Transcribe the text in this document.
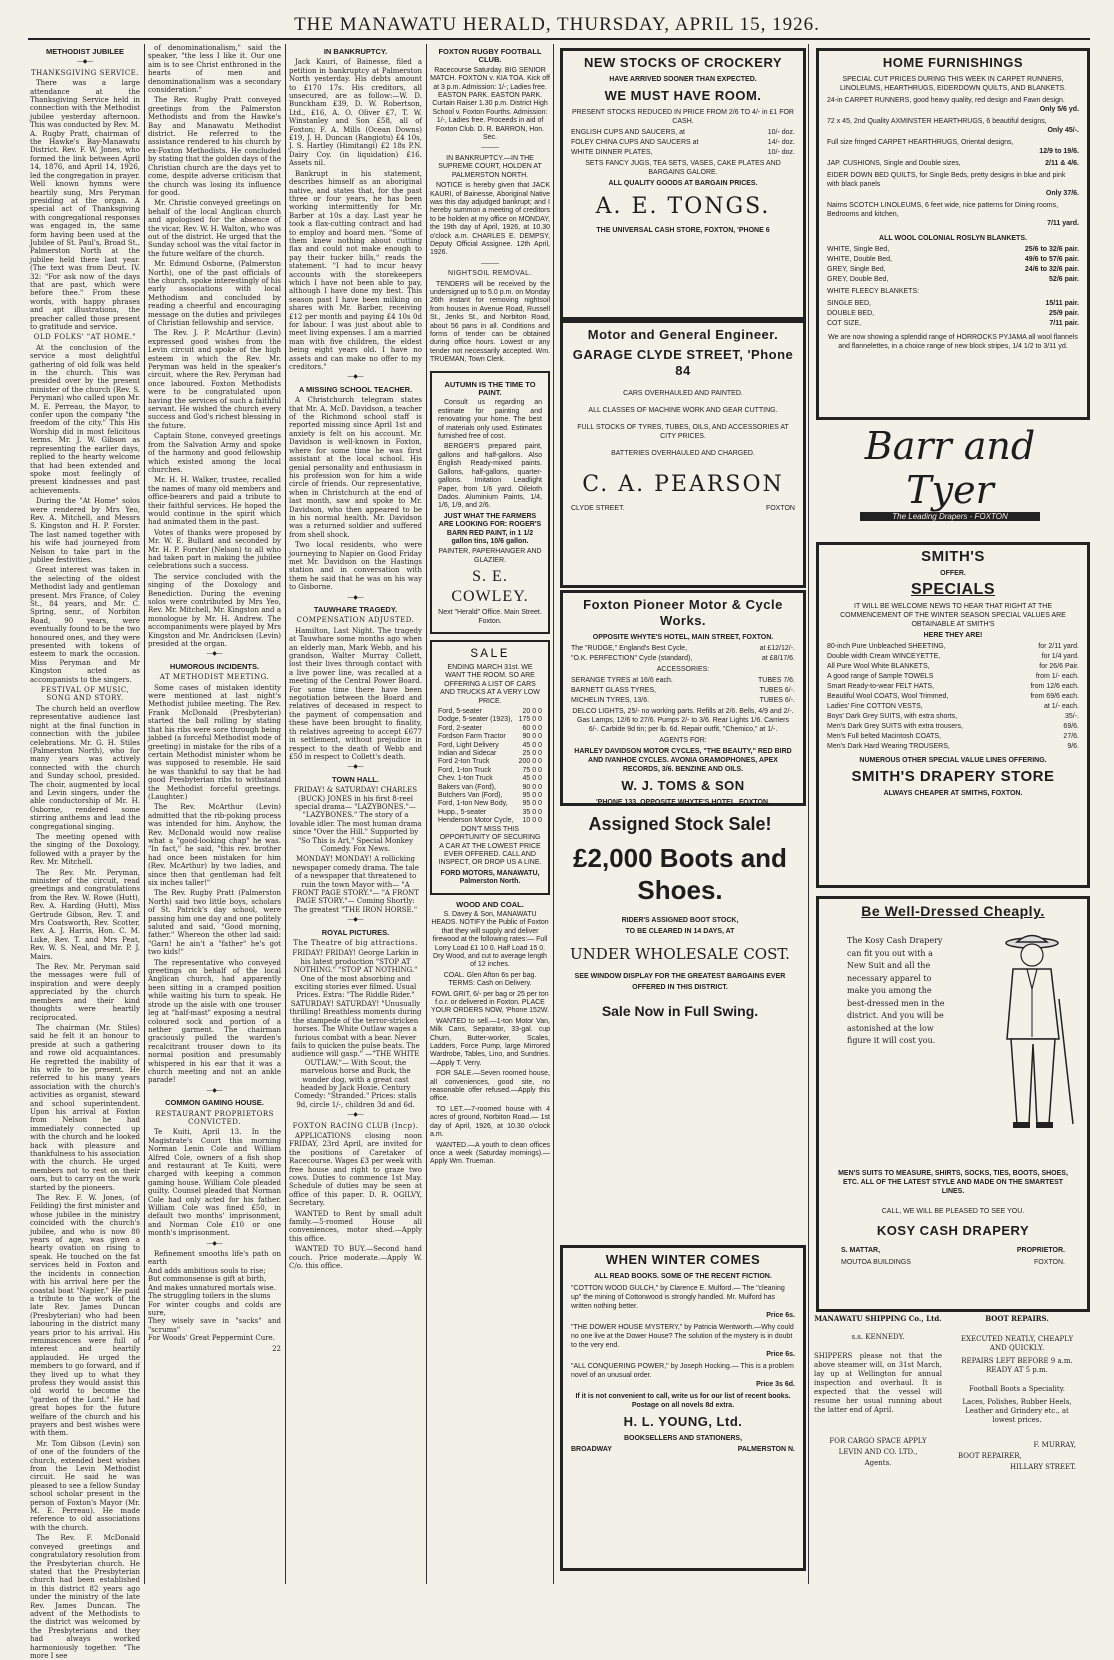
THE MANAWATU HERALD, THURSDAY, APRIL 15, 1926.
METHODIST JUBILEE
—◆—
THANKSGIVING SERVICE.

There was a large attendance at the Thanksgiving Service held in connection with the Methodist jubilee yesterday afternoon. This was conducted by Rev. M. A. Rugby Pratt, chairman of the Hawke's Bay-Manawatu District. Rev. F. W. Jones, who formed the link between April 14, 1876, and April 14, 1926, led the congregation in prayer. Well known hymns were heartily sung, Mrs Peryman presiding at the organ. A special act of Thanksgiving with congregational responses was engaged in, the same form having been used at the Jubilee of St. Paul's, Broad St., Palmerston North at the jubilee held there last year. (The text was from Deut. IV. 32: "For ask now of the days that are past, which were before thee." From these words, with happy phrases and apt illustrations, the preacher called those present to gratitude and service.

OLD FOLKS' "AT HOME."

At the conclusion of the service a most delightful gathering of old folk was held in the church. This was presided over by the present minister of the church (Rev. S. Peryman) who called upon Mr. M. E. Perreau, the Mayor, to confer upon the company "the freedom of the city." This His Worship did in most felicitous terms. Mr. J. W. Gibson as representing the earlier days, replied to the hearty welcome that had been extended and spoke most feelingly of present kindnesses and past achievements.

During the "At Home" solos were rendered by Mrs Yeo, Rev. A. Mitchell, and Messrs S. Kingston and H. P. Forster. The last named together with his wife had journeyed from Nelson to take part in the jubilee festivities.

Great interest was taken in the selecting of the oldest Methodist lady and gentleman present. Mrs France, of Coley St., 84 years, and Mr. C. Spring, senr., of Norbiton Road, 90 years, were eventually found to be the two honoured ones, and they were presented with tokens of esteem to mark the occasion. Miss Peryman and Mr Kingston acted as accompanists to the singers.

FESTIVAL OF MUSIC, SONG AND STORY.

The church held an overflow representative audience last night at the final function in connection with the jubilee celebrations. Mr. G. H. Stiles (Palmerston North), who for many years was actively connected with the church and Sunday school, presided. The choir, augmented by local and Levin singers, under the able conductorship of Mr. H. Osborne, rendered some stirring anthems and lead the congregational singing.

The meeting opened with the singing of the Doxology, followed with a prayer by the Rev. Mr. Mitchell.

The Rev. Mr. Peryman, minister of the circuit, read greetings and congratulations from the Rev. W. Rowe (Hutt), Rev. A. Harding (Hutt), Miss Gertrude Gibson, Rev. T. and Mrs Coatsworth, Rev. Scotter, Rev. A. J. Harris, Hon. C. M. Luke, Rev. T. and Mrs Peat, Rev. W. S. Neal, and Mr. P. J. Mairs.

The Rev. Mr. Peryman said the messages were full of inspiration and were deeply appreciated by the church members and their kind thoughts were heartily reciprocated.

The chairman (Mr. Stiles) said he felt it an honour to preside at such a gathering and rowe old acquaintances. He regretted the inability of his wife to be present. He referred to his many years association with the church's activities as organist, steward and school superintendent. Upon his arrival at Foxton from Nelson he had immediately connected up with the church and he looked back with pleasure and thankfulness to his association with the church. He urged members not to rest on their oars, but to carry on the work started by the pioneers.

The Rev. F. W. Jones, (of Feilding) the first minister and whose jubilee in the ministry coincided with the church's jubilee, and who is now 80 years of age, was given a hearty ovation on rising to speak. He touched on the fat services held in Foxton and the incidents in connection with his arrival here per the coastal boat "Napier." He paid a tribute to the work of the late Rev. James Duncan (Presbyterian) who had been labouring in the district many years prior to his arrival. His reminiscences were full of interest and heartily applauded. He urged the members to go forward, and if they lived up to what they profess they would assist this old world to become the "garden of the Lord." He had great hopes for the future welfare of the church and his prayers and best wishes were with them.

Mr. Tom Gibson (Levin) son of one of the founders of the church, extended best wishes from the Levin Methodist circuit. He said he was pleased to see a fellow Sunday school scholar present in the person of Foxton's Mayor (Mr. M. E. Perreau). He made reference to old associations with the church.

The Rev. F. McDonald conveyed greetings and congratulatory resolution from the Presbyterian church. He stated that the Presbyterian church had been established in this district 82 years ago under the ministry of the late Rev. James Duncan. The advent of the Methodists to the district was welcomed by the Presbyterians and they had always worked harmoniously together. "The more I see

of denominationalism," said the speaker, "the less I like it. Our one aim is to see Christ enthroned in the hearts of men and denominationalism was a secondary consideration."

The Rev. Rugby Pratt conveyed greetings from the Palmerston Methodists and from the Hawke's Bay and Manawatu Methodist district. He referred to the assistance rendered to his church by ex-Foxton Methodists. He concluded by stating that the golden days of the Christian church are the days yet to come, despite adverse criticism that the church was losing its influence for good.

Mr. Christie conveyed greetings on behalf of the local Anglican church and apologised for the absence of the vicar, Rev. W. H. Walton, who was out of the district. He urged that the Sunday school was the vital factor in the future welfare of the church.

Mr. Edmund Osborne, (Palmerston North), one of the past officials of the church, spoke interestingly of his early associations with local Methodism and concluded by reading a cheerful and encouraging message on the duties and privileges of Christian fellowship and service.

The Rev. J. P. McArthur (Levin) expressed good wishes from the Levin circuit and spoke of the high esteem in which the Rev. Mr. Peryman was held in the speaker's circuit, where the Rev. Peryman had once laboured. Foxton Methodists were to be congratulated upon having the services of such a faithful servant. He wished the church every success and God's richest blessing in the future.

Captain Stone, conveyed greetings from the Salvation Army and spoke of the harmony and good fellowship which existed among the local churches.

Mr. H. H. Walker, trustee, recalled the names of many old members and office-bearers and paid a tribute to their faithful services. He hoped the would continue in the spirit which had animated them in the past.

Votes of thanks were proposed by Mr. W. E. Bullard and seconded by Mr. H. P. Forster (Nelson) to all who had taken part in making the jubilee celebrations such a success.

The service concluded with the singing of the Doxology and Benediction. During the evening solos were contributed by Mrs Yeo, Rev. Mr. Mitchell, Mr. Kingston and a monologue by Mr. H. Andrew. The accompaniments were played by Mrs Kingston and Mr. Andricksen (Levin) presided at the organ.

—◆—
HUMOROUS INCIDENTS.
AT METHODIST MEETING.

Some cases of mistaken identity were mentioned at last night's Methodist jubilee meeting. The Rev. Frank McDonald (Presbyterian) started the ball rolling by stating that his ribs were sore through being jabbed (a forceful Methodist mode of greeting) in mistake for the ribs of a certain Methodist minister whom he was supposed to resemble. He said he was thankful to say that he had good Presbyterian ribs to withstand the Methodist forceful greetings. (Laughter.)

The Rev. McArthur (Levin) admitted that the rib-poking process was intended for him. Anyhow, the Rev. McDonald would now realise what a "good-looking chap" he was. "In fact," he said, "this rev. brother had once been mistaken for him (Rev. McArthur) by two ladies, and since then that gentleman had felt six inches taller!"

The Rev. Rugby Pratt (Palmerston North) said two little boys, scholars of St. Patrick's day school, were passing him one day and one politely saluted and said, "Good morning, father." Whereon the other lad said: "Garn! he ain't a "father" he's got two kids!"

The representative who conveyed greetings on behalf of the local Anglican church, had apparently been sitting in a cramped position while waiting his turn to speak. He strode up the aisle with one trouser leg at "half-mast" exposing a neutral coloured sock and portion of a nether garment. The chairman graciously pulled the warden's recalcitrant trouser down to its normal position and presumably whispered in his ear that it was a church meeting and not an ankle parade!

—◆—
COMMON GAMING HOUSE.
RESTAURANT PROPRIETORS CONVICTED.

Te Kuiti, April 13. In the Magistrate's Court this morning Norman Lenin Cole and William Alfred Cole, owners of a fish shop and restaurant at Te Kuiti, were charged with keeping a common gaming house. William Cole pleaded guilty. Counsel pleaded that Norman Cole had only acted for his father. William Cole was fined £50, in default two months' imprisonment, and Norman Cole £10 or one month's imprisonment.

—◆—

Refinement smooths life's path on earth
And adds ambitious souls to rise;
But commonsense is gift at birth,
And makes unnatured mortals wise.
The struggling toilers in the slums
For winter coughs and colds are sure,
They wisely save in "sacks" and "scrums"
For Woods' Great Peppermint Cure.

22

IN BANKRUPTCY.

Jack Kauri, of Bainesse, filed a petition in bankruptcy at Palmerston North yesterday. His debts amount to £170 17s. His creditors, all unsecured, are as follow:—W. D. Bunckham £39, D. W. Robertson, Ltd., £16, A. O. Oliver £7, T. W. Winstanley and Son £58, all of Foxton; F. A. Mills (Ocean Downs) £19, J. H. Duncan (Rangiotu) £4 10s, J. S. Hartley (Himitangi) £2 18s P.N. Dairy Coy. (in liquidation) £16. Assets nil.

Bankrupt in his statement, describes himself as an aboriginal native, and states that, for the past three or four years, he has been working intermittently for Mr. Barber at 10s a day. Last year he took a flax-cutting contract and had to employ and board men. "Some of them knew nothing about cutting flax and could not make enough to pay their tucker bills," reads the statement. "I had to incur heavy accounts with the storekeepers which I have not been able to pay, although I have done my best. This season past I have been milking on shares with Mr. Barber, receiving £12 per month and paying £4 10s 0d for labour. I was just about able to meet living expenses. I am a married man with five children, the eldest being eight years old. I have no assets and can make no offer to my creditors."

—◆—
A MISSING SCHOOL TEACHER.

A Christchurch telegram states that Mr. A. McD. Davidson, a teacher of the Richmond school staff is reported missing since April 1st and anxiety is felt on his account. Mr. Davidson is well-known in Foxton, where for some time he was first assistant at the local school. His genial personality and enthusiasm in his profession won for him a wide circle of friends. Our representative, when in Christchurch at the end of last month, saw and spoke to Mr. Davidson, who then appeared to be in his normal health. Mr. Davidson was a returned soldier and suffered from shell shock.

Two local residents, who were journeying to Napier on Good Friday met Mr. Davidson on the Hastings station and in conversation with them he said that he was on his way to Gisborne.

—◆—
TAUWHARE TRAGEDY.
COMPENSATION ADJUSTED.

Hamilton, Last Night. The tragedy at Tauwhare some months ago when an elderly man, Mark Webb, and his grandson, Walter Murray Collett, lost their lives through contact with a live power line, was recalled at a meeting of the Central Power Board. For some time there have been negotiation between the Board and relatives of deceased in respect to the payment of compensation and these have been brought to finality, th relatives agreeing to accept £677 in settlement, without prejudice in respect to the death of Webb and £50 in respect to Collett's death.

—◆—
TOWN HALL.

FRIDAY! & SATURDAY! CHARLES (BUCK) JONES in his first 8-reel special drama— "LAZYBONES."— "LAZYBONES." The story of a lovable idler. The most human drama since "Over the Hill." Supported by "So This is Art," Special Monkey Comedy. Fox News.

MONDAY! MONDAY! A rollicking newspaper comedy drama. The tale of a newspaper that threatened to ruin the town Mayor with— "A FRONT PAGE STORY."— "A FRONT PAGE STORY."— Coming Shortly: The greatest "THE IRON HORSE."

—◆—
ROYAL PICTURES.
The Theatre of big attractions.

FRIDAY! FRIDAY! George Larkin in his latest production "STOP AT NOTHING." "STOP AT NOTHING." One of the most absorbing and exciting stories ever filmed. Usual Prices. Extra: "The Riddle Rider." SATURDAY! SATURDAY! "Unusually thrilling! Breathless moments during the stampede of the terror-stricken horses. The White Outlaw wages a furious combat with a bear. Never fails to quicken the pulse beats. The audience will gasp." —"THE WHITE OUTLAW."— With Scout, the marvelous horse and Buck, the wonder dog, with a great cast headed by Jack Hoxie. Century Comedy: "Stranded." Prices: stalls 9d, circle 1/-, children 3d and 6d.

—◆—
FOXTON RACING CLUB (Incp).

APPLICATIONS closing noon FRIDAY, 23rd April, are invited for the positions of Caretaker of Racecourse. Wages £3 per week with free house and right to graze two cows. Duties to commence 1st May. Schedule of duties may be seen at office of this paper. D. R. OGILVY, Secretary.

WANTED to Rent by small adult family.—5-roomed House all conveniences, motor shed.—Apply this office.

WANTED TO BUY.—Second hand couch. Price moderate.—Apply W. C/o. this office.

FOXTON RUGBY FOOTBALL CLUB.

Racecourse Saturday. BIG SENIOR MATCH. FOXTON v. KIA TOA. Kick off at 3 p.m. Admission: 1/-; Ladies free. EASTON PARK. EASTON PARK. Curtain Raiser 1.30 p.m. District High School v. Foxton Fourths. Admission: 1/-, Ladies free. Proceeds in aid of Foxton Club. D. R. BARRON, Hon. Sec.

———

IN BANKRUPTCY.—IN THE SUPREME COURT, HOLDEN AT PALMERSTON NORTH.

NOTICE is hereby given that JACK KAURI, of Bainesse, Aboriginal Native was this day adjudged bankrupt; and I hereby summon a meeting of creditors to be holden at my office on MONDAY, the 19th day of April, 1926, at 10.30 o'clock a.m. CHARLES E. DEMPSY, Deputy Official Assignee. 12th April, 1926.

———
NIGHTSOIL REMOVAL.

TENDERS will be received by the undersigned up to 5.0 p.m. on Monday 26th instant for removing nightsoil from houses in Avenue Road, Russell St., Jenks St., and Norbiton Road, about 56 pans in all. Conditions and forms of tender can be obtained during office hours. Lowest or any tender not necessarily accepted. Wm. TRUEMAN, Town Clerk.

AUTUMN IS THE TIME TO PAINT.

Consult us regarding an estimate for painting and renovating your home. The best of materials only used. Estimates furnished free of cost.

BERGER'S prepared paint, gallons and half-gallons. Also English Ready-mixed paints. Gallons, half-gallons, quarter-gallons. Imitation Leadlight Paper, from 1/6 yard. Oileloth Dados. Aluminium Paints, 1/4, 1/6, 1/9, and 2/6.

JUST WHAT THE FARMERS ARE LOOKING FOR: ROGER'S BARN RED PAINT, in 1 1/2 gallon tins, 10/6 gallon.

PAINTER, PAPERHANGER AND GLAZIER.

S. E. COWLEY.

Next "Herald" Office. Main Street. Foxton.

SALE

ENDING MARCH 31st. WE WANT THE ROOM. SO ARE OFFERING A LIST OF CARS AND TRUCKS AT A VERY LOW PRICE.

Ford, 5-seater	20 0 0
Dodge, 5-seater (1923), 175 0 0
Ford, 2-seater	60 0 0
Fordson Farm Tractor 90 0 0
Ford, Light Delivery	45 0 0
Indian and Sidecar	25 0 0
Ford 2-ton Truck	200 0 0
Ford, 1-ton Truck	75 0 0
Chev. 1-ton Truck	45 0 0
Bakers van (Ford),	90 0 0
Butchers Van (Ford),	95 0 0
Ford, 1-ton New Body, 95 0 0
Hupp., 5-seater	35 0 0
Henderson Motor Cycle, 10 0 0

DON'T MISS THIS OPPORTUNITY OF SECURING A CAR AT THE LOWEST PRICE EVER OFFERED. CALL AND INSPECT, OR DROP US A LINE.

FORD MOTORS, MANAWATU, Palmerston North.

WOOD AND COAL.

S. Davey & Son, MANAWATU HEADS. NOTIFY the Public of Foxton that they will supply and deliver firewood at the following rates:— Full Lorry Load £1 10 0. Half Load 15 0. Dry Wood, and cut to average length of 12 inches.

COAL. Glen Afton 6s per bag. TERMS: Cash on Delivery.

FOWL GRIT, 6/- per bag or 25 per ton f.o.r. or delivered in Foxton. PLACE YOUR ORDERS NOW, 'Phone 152W.

WANTED to sell.—1-ton Motor Van, Milk Cans, Separator, 33-gal. cup Churn, Butter-worker, Scales, Ladders, Force Pump, large Mirrored Wardrobe, Tables, Lino, and Sundries.—Apply T. Verry.

FOR SALE.—Seven roomed house, all conveniences, good site, no reasonable offer refused.—Apply this office.

TO LET.—7-roomed house with 4 acres of ground, Norbiton Road.— 1st day of April, 1926, at 10.30 o'clock a.m.

WANTED.—A youth to clean offices once a week (Saturday mornings).—Apply Wm. Trueman.

NEW STOCKS OF CROCKERY
HAVE ARRIVED SOONER THAN EXPECTED.
WE MUST HAVE ROOM.
PRESENT STOCKS REDUCED IN PRICE FROM 2/6 TO 4/- in £1 FOR CASH.
ENGLISH CUPS AND SAUCERS, at	10/- doz.
FOLEY CHINA CUPS AND SAUCERS at	14/- doz.
WHITE DINNER PLATES,	10/- doz.
SETS FANCY JUGS, TEA SETS, VASES, CAKE PLATES AND BARGAINS GALORE.
ALL QUALITY GOODS AT BARGAIN PRICES.
A. E. TONGS.
THE UNIVERSAL CASH STORE, FOXTON, 'PHONE 6
Motor and General Engineer.
GARAGE CLYDE STREET, 'Phone 84
CARS OVERHAULED AND PAINTED.
ALL CLASSES OF MACHINE WORK AND GEAR CUTTING.
FULL STOCKS OF TYRES, TUBES, OILS, AND ACCESSORIES AT CITY PRICES.
BATTERIES OVERHAULED AND CHARGED.
C. A. PEARSON
CLYDE STREET.	FOXTON
Foxton Pioneer Motor & Cycle Works.
OPPOSITE WHYTE'S HOTEL, MAIN STREET, FOXTON.
The "RUDGE," England's Best Cycle,	at £12/12/-.
"O.K. PERFECTION" Cycle (standard),	at £8/17/6.
ACCESSORIES:
SERANGE TYRES at 16/6 each.	TUBES 7/6.
BARNETT GLASS TYRES,	TUBES 6/-.
MICHELIN TYRES, 13/6.	TUBES 6/-.
DELCO LIGHTS, 25/- no working parts. Refills at 2/6. Bells, 4/9 and 2/-. Gas Lamps, 12/6 to 27/6. Pumps 2/- to 3/6. Rear Lights 1/6. Carriers 6/-. Carbide 9d tin; per lb. 6d. Repair outfit, "Chemico," at 1/-.
AGENTS FOR:
HARLEY DAVIDSON MOTOR CYCLES, "THE BEAUTY," RED BIRD AND IVANHOE CYCLES. AVONIA GRAMOPHONES, APEX RECORDS, 3/6. BENZINE AND OILS.
W. J. TOMS & SON
'PHONE 133. OPPOSITE WHYTE'S HOTEL, FOXTON.
Assigned Stock Sale!
£2,000 Boots and Shoes.
RIDER'S ASSIGNED BOOT STOCK,
TO BE CLEARED IN 14 DAYS, AT
UNDER WHOLESALE COST.
SEE WINDOW DISPLAY FOR THE GREATEST BARGAINS EVER
OFFERED IN THIS DISTRICT.
Sale Now in Full Swing.
WHEN WINTER COMES
ALL READ BOOKS. SOME OF THE RECENT FICTION.
"COTTON WOOD GULCH," by Clarence E. Mulford.— The "cleaning up" the mining of Cottonwood is strongly handled. Mr. Mulford has written nothing better.
Price 6s.
"THE DOWER HOUSE MYSTERY," by Patricia Wentworth.—Why could no one live at the Dower House? The solution of the mystery is in doubt to the very end.
Price 6s.
"ALL CONQUERING POWER," by Joseph Hocking.— This is a problem novel of an unusual order.
Price 3s 6d.
If it is not convenient to call, write us for our list of recent books. Postage on all novels 8d extra.
H. L. YOUNG, Ltd.
BOOKSELLERS AND STATIONERS,
BROADWAY	PALMERSTON N.
HOME FURNISHINGS
SPECIAL CUT PRICES DURING THIS WEEK IN CARPET RUNNERS, LINOLEUMS, HEARTHRUGS, EIDERDOWN QUILTS, AND BLANKETS.
24-in CARPET RUNNERS, good heavy quality, red design and Fawn design.
Only 5/6 yd.
72 x 45, 2nd Quality AXMINSTER HEARTHRUGS, 6 beautiful designs,
Only 45/-.
Full size fringed CARPET HEARTHRUGS, Oriental designs,
12/9 to 19/6.
JAP. CUSHIONS, Single and Double sizes,	2/11 & 4/6.
EIDER DOWN BED QUILTS, for Single Beds, pretty designs in blue and pink with black panels
Only 37/6.
Nairns SCOTCH LINOLEUMS, 6 feet wide, nice patterns for Dining rooms, Bedrooms and kitchen,
7/11 yard.
ALL WOOL COLONIAL ROSLYN BLANKETS.
WHITE, Single Bed,	25/6 to 32/6 pair.
WHITE, Double Bed,	49/6 to 57/6 pair.
GREY, Single Bed,	24/6 to 32/6 pair.
GREY, Double Bed,	52/6 pair.
WHITE FLEECY BLANKETS:
SINGLE BED,	15/11 pair.
DOUBLE BED,	25/9 pair.
COT SIZE,	7/11 pair.
We are now showing a splendid range of HORROCKS PYJAMA all wool flannels and flannelettes, in a choice range of new block stripes, 1/4 1/2 to 3/11 yd.
Barr and Tyer
The Leading Drapers - FOXTON
SMITH'S
OFFER.
SPECIALS
IT WILL BE WELCOME NEWS TO HEAR THAT RIGHT AT THE COMMENCEMENT OF THE WINTER SEASON SPECIAL VALUES ARE OBTAINABLE AT SMITH'S
HERE THEY ARE!
80-inch Pure Unbleached SHEETING,	for 2/11 yard.
Double width Cream WINCEYETTE,	for 1/4 yard.
All Pure Wool White BLANKETS,	for 26/6 Pair.
A good range of Sample TOWELS	from 1/- each.
Smart Ready-to-wear FELT HATS,	from 12/6 each.
Beautiful Wool COATS, Wool Trimmed,	from 69/6 each.
Ladies' Fine COTTON VESTS,	at 1/- each.
Boys' Dark Grey SUITS, with extra shorts,	35/-.
Men's Dark Grey SUITS with extra trousers,	69/6.
Men's Full belted Macintosh COATS,	27/6.
Men's Dark Hard Wearing TROUSERS,	9/6.
NUMEROUS OTHER SPECIAL VALUE LINES OFFERING.
SMITH'S DRAPERY STORE
ALWAYS CHEAPER AT SMITHS, FOXTON.
Be Well-Dressed Cheaply.
The Kosy Cash Drapery can fit you out with a New Suit and all the necessary apparel to make you among the best-dressed men in the district. And you will be astonished at the low figure it will cost you.
MEN'S SUITS TO MEASURE, SHIRTS, SOCKS, TIES, BOOTS, SHOES, ETC. ALL OF THE LATEST STYLE AND MADE ON THE SMARTEST LINES.
CALL, WE WILL BE PLEASED TO SEE YOU.
KOSY CASH DRAPERY
S. MATTAR,	PROPRIETOR.
MOUTOA BUILDINGS	FOXTON.
MANAWATU SHIPPING Co., Ltd.
s.s. KENNEDY.
SHIPPERS please not that the above steamer will, on 31st March, lay up at Wellington for annual inspection and overhaul. It is expected that the vessel will resume her usual running about the latter end of April.
FOR CARGO SPACE APPLY
LEVIN AND CO. LTD.,
Agents.
BOOT REPAIRS.
EXECUTED NEATLY, CHEAPLY AND QUICKLY.
REPAIRS LEFT BEFORE 9 a.m. READY AT 5 p.m.
Football Boots a Speciality.
Laces, Polishes, Rubber Heels, Leather and Grindery etc., at lowest prices.
F. MURRAY,
BOOT REPAIRER,
HILLARY STREET.
